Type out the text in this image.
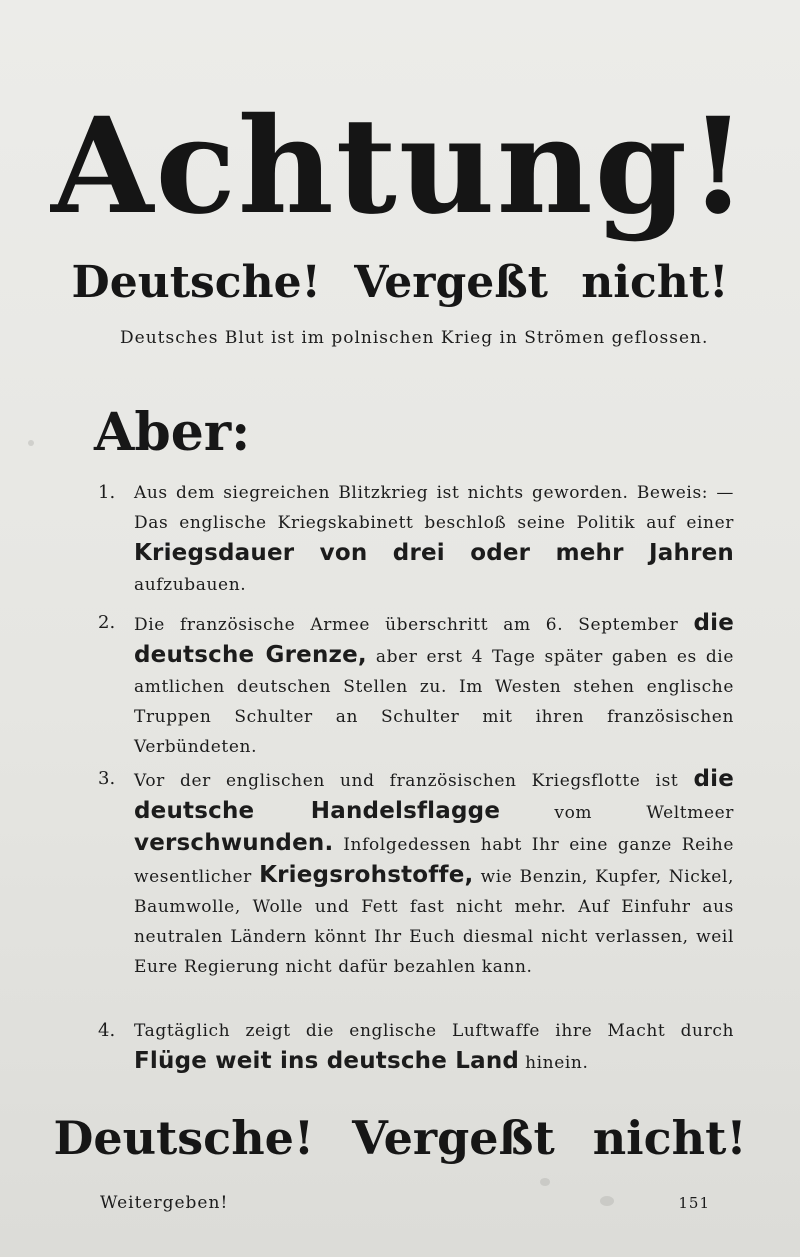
Achtung!
Deutsche! Vergeßt nicht!
Deutsches Blut ist im polnischen Krieg in Strömen geflossen.
Aber:
1.	Aus dem siegreichen Blitzkrieg ist nichts geworden. Beweis: — Das englische Kriegskabinett beschloß seine Politik auf einer Kriegsdauer von drei oder mehr Jahren aufzubauen.
2.	Die französische Armee überschritt am 6. September die deutsche Grenze, aber erst 4 Tage später gaben es die amtlichen deutschen Stellen zu. Im Westen stehen englische Truppen Schulter an Schulter mit ihren französischen Verbündeten.
3.	Vor der englischen und französischen Kriegsflotte ist die deutsche Handelsflagge vom Weltmeer verschwunden. Infolgedessen habt Ihr eine ganze Reihe wesentlicher Kriegsrohstoffe, wie Benzin, Kupfer, Nickel, Baumwolle, Wolle und Fett fast nicht mehr. Auf Einfuhr aus neutralen Ländern könnt Ihr Euch diesmal nicht verlassen, weil Eure Regierung nicht dafür bezahlen kann.
4.	Tagtäglich zeigt die englische Luftwaffe ihre Macht durch Flüge weit ins deutsche Land hinein.
Deutsche! Vergeßt nicht!
Weitergeben!	151
